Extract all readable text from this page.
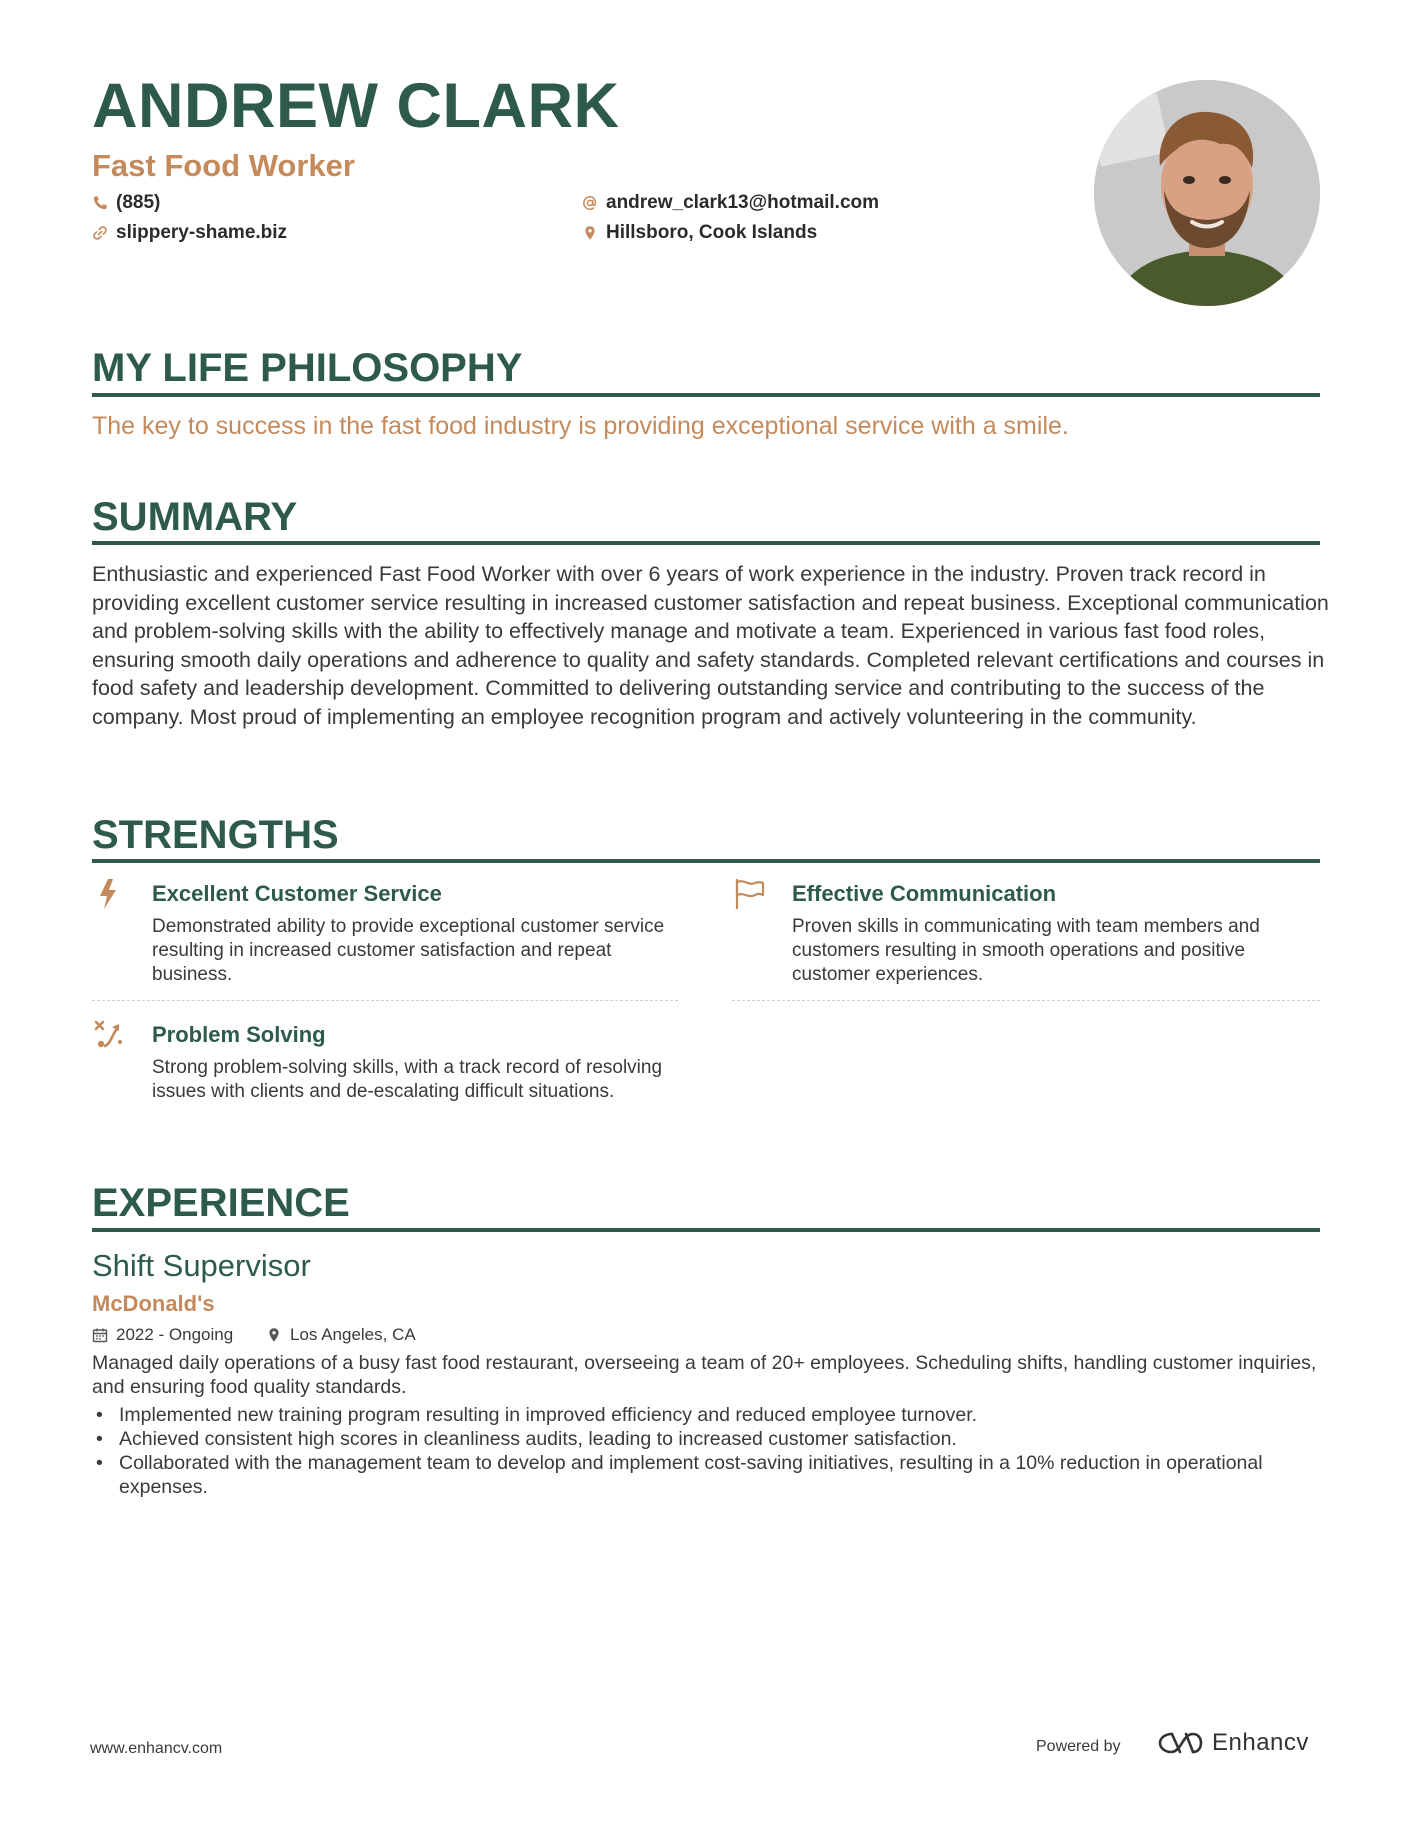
ANDREW CLARK
Fast Food Worker
(885)
slippery-shame.biz
andrew_clark13@hotmail.com
Hillsboro, Cook Islands
MY LIFE PHILOSOPHY
The key to success in the fast food industry is providing exceptional service with a smile.
SUMMARY
Enthusiastic and experienced Fast Food Worker with over 6 years of work experience in the industry. Proven track record in providing excellent customer service resulting in increased customer satisfaction and repeat business. Exceptional communication and problem-solving skills with the ability to effectively manage and motivate a team. Experienced in various fast food roles, ensuring smooth daily operations and adherence to quality and safety standards. Completed relevant certifications and courses in food safety and leadership development. Committed to delivering outstanding service and contributing to the success of the company. Most proud of implementing an employee recognition program and actively volunteering in the community.
STRENGTHS
Excellent Customer Service
Demonstrated ability to provide exceptional customer service resulting in increased customer satisfaction and repeat business.
Effective Communication
Proven skills in communicating with team members and customers resulting in smooth operations and positive customer experiences.
Problem Solving
Strong problem-solving skills, with a track record of resolving issues with clients and de-escalating difficult situations.
EXPERIENCE
Shift Supervisor
McDonald's
2022 - Ongoing	Los Angeles, CA
Managed daily operations of a busy fast food restaurant, overseeing a team of 20+ employees. Scheduling shifts, handling customer inquiries, and ensuring food quality standards.
• Implemented new training program resulting in improved efficiency and reduced employee turnover.
• Achieved consistent high scores in cleanliness audits, leading to increased customer satisfaction.
• Collaborated with the management team to develop and implement cost-saving initiatives, resulting in a 10% reduction in operational expenses.
www.enhancv.com	Powered by	Enhancv
